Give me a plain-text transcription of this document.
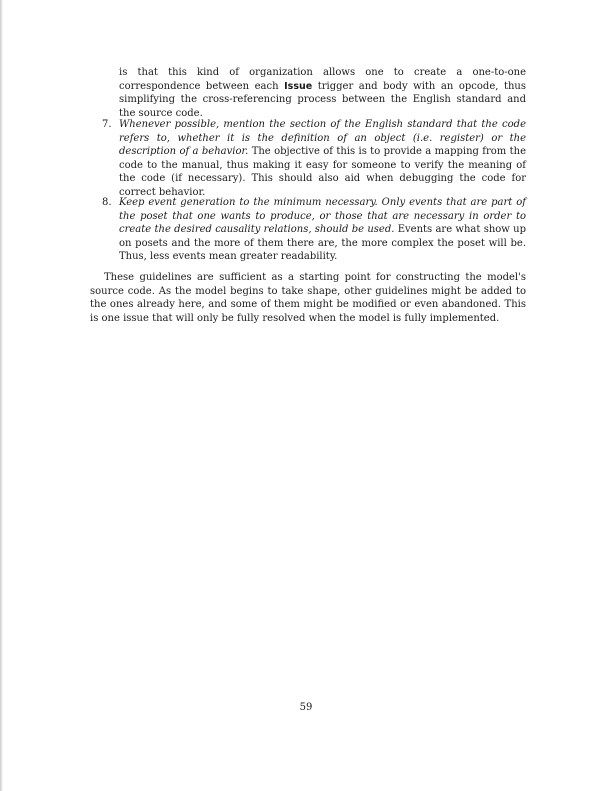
is that this kind of organization allows one to create a one-to-one correspondence between each Issue trigger and body with an opcode, thus simplifying the cross-referencing process between the English standard and the source code.
7. Whenever possible, mention the section of the English standard that the code refers to, whether it is the definition of an object (i.e. register) or the description of a behavior. The objective of this is to provide a mapping from the code to the manual, thus making it easy for someone to verify the meaning of the code (if necessary). This should also aid when debugging the code for correct behavior.
8. Keep event generation to the minimum necessary. Only events that are part of the poset that one wants to produce, or those that are necessary in order to create the desired causality relations, should be used. Events are what show up on posets and the more of them there are, the more complex the poset will be. Thus, less events mean greater readability.
These guidelines are sufficient as a starting point for constructing the model's source code. As the model begins to take shape, other guidelines might be added to the ones already here, and some of them might be modified or even abandoned. This is one issue that will only be fully resolved when the model is fully implemented.
59
